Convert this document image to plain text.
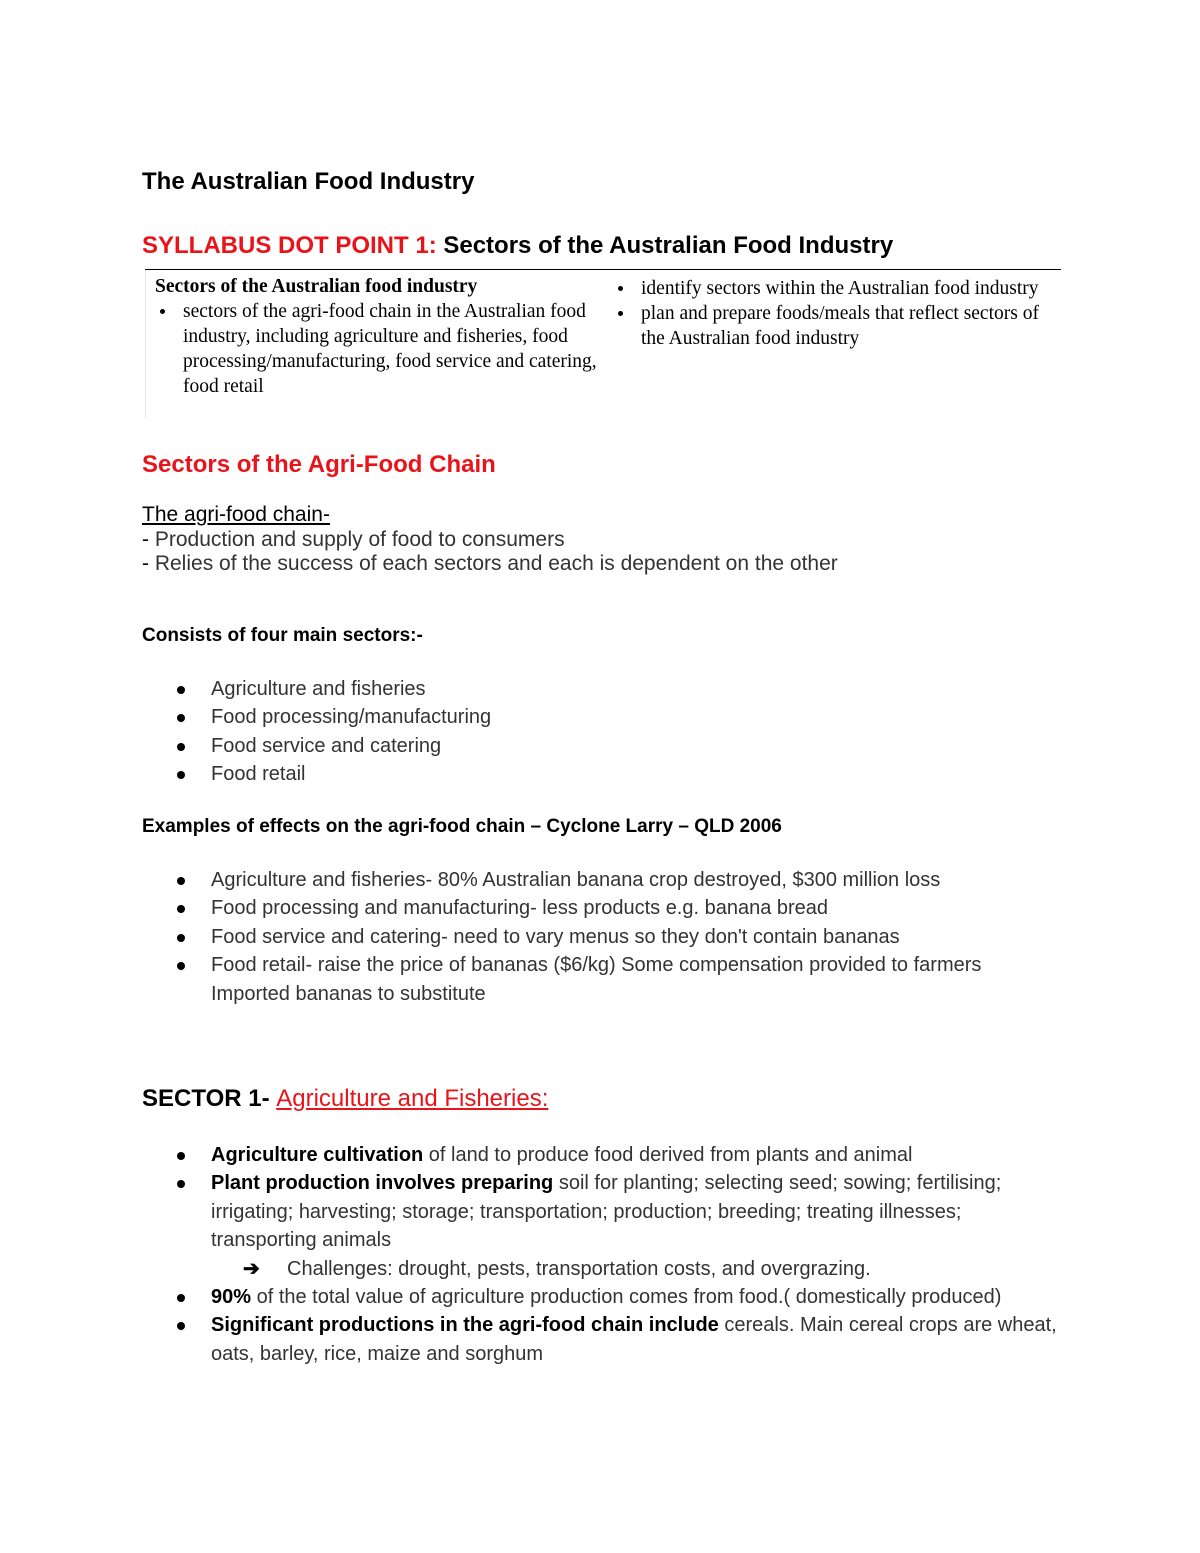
The Australian Food Industry
SYLLABUS DOT POINT 1: Sectors of the Australian Food Industry
Sectors of the Australian food industry
sectors of the agri-food chain in the Australian food industry, including agriculture and fisheries, food processing/manufacturing, food service and catering, food retail
identify sectors within the Australian food industry
plan and prepare foods/meals that reflect sectors of the Australian food industry
Sectors of the Agri-Food Chain
The agri-food chain-
- Production and supply of food to consumers
- Relies of the success of each sectors and each is dependent on the other
Consists of four main sectors:-
Agriculture and fisheries
Food processing/manufacturing
Food service and catering
Food retail
Examples of effects on the agri-food chain – Cyclone Larry – QLD 2006
Agriculture and fisheries- 80% Australian banana crop destroyed, $300 million loss
Food processing and manufacturing- less products e.g. banana bread
Food service and catering- need to vary menus so they don't contain bananas
Food retail- raise the price of bananas ($6/kg) Some compensation provided to farmers Imported bananas to substitute
SECTOR 1- Agriculture and Fisheries:
Agriculture cultivation of land to produce food derived from plants and animal
Plant production involves preparing soil for planting; selecting seed; sowing; fertilising; irrigating; harvesting; storage; transportation; production; breeding; treating illnesses; transporting animals
➔ Challenges: drought, pests, transportation costs, and overgrazing.
90% of the total value of agriculture production comes from food.( domestically produced)
Significant productions in the agri-food chain include cereals. Main cereal crops are wheat, oats, barley, rice, maize and sorghum
